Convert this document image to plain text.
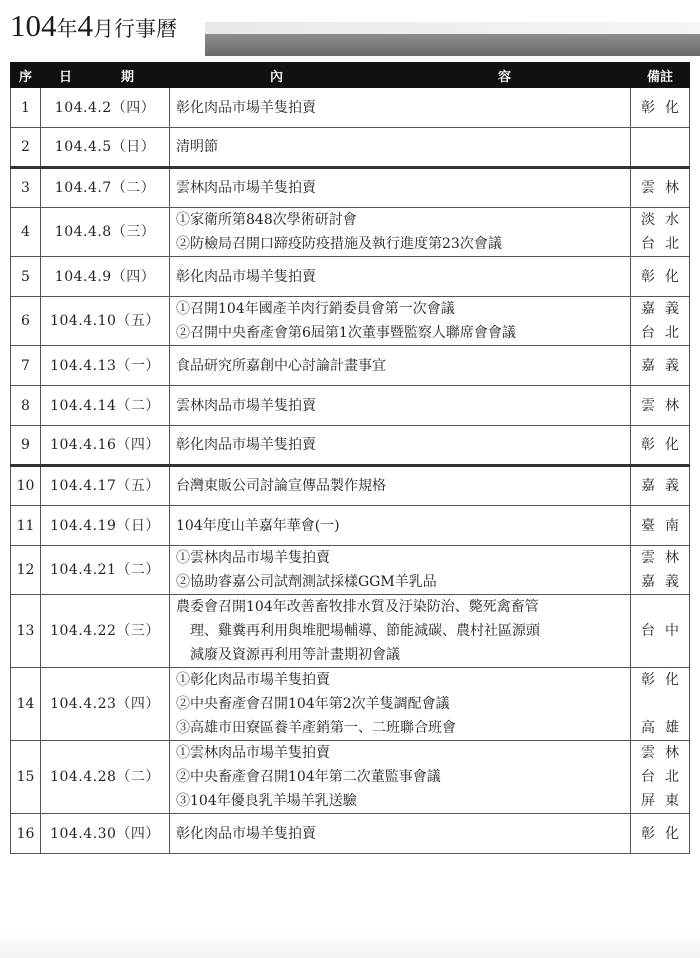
104 年 4 月行事曆
序	日 期	內 容	備註
1	104.4.2（四）	彰化肉品市場羊隻拍賣	彰化

2	104.4.5（日）	清明節	

3	104.4.7（二）	雲林肉品市場羊隻拍賣	雲林

4	104.4.8（三）	①家衛所第848次學術研討會
②防檢局召開口蹄疫防疫措施及執行進度第23次會議	淡水
台北

5	104.4.9（四）	彰化肉品市場羊隻拍賣	彰化

6	104.4.10（五）	①召開104年國產羊肉行銷委員會第一次會議
②召開中央畜產會第6屆第1次董事暨監察人聯席會會議	嘉義
台北

7	104.4.13（一）	食品研究所嘉創中心討論計畫事宜	嘉義

8	104.4.14（二）	雲林肉品市場羊隻拍賣	雲林

9	104.4.16（四）	彰化肉品市場羊隻拍賣	彰化

10	104.4.17（五）	台灣東販公司討論宣傳品製作規格	嘉義

11	104.4.19（日）	104年度山羊嘉年華會(一)	臺南

12	104.4.21（二）	①雲林肉品市場羊隻拍賣
②協助睿嘉公司試劑測試採樣GGM羊乳品	雲林
嘉義

13	104.4.22（三）	農委會召開104年改善畜牧排水質及汙染防治、斃死禽畜管
理、雞糞再利用與堆肥場輔導、節能減碳、農村社區源頭
減廢及資源再利用等計畫期初會議	台中

14	104.4.23（四）	①彰化肉品市場羊隻拍賣
②中央畜產會召開104年第2次羊隻調配會議
③高雄市田寮區養羊產銷第一、二班聯合班會	彰化
高雄

15	104.4.28（二）	①雲林肉品市場羊隻拍賣
②中央畜產會召開104年第二次董監事會議
③104年優良乳羊場羊乳送驗	雲林
台北
屏東

16	104.4.30（四）	彰化肉品市場羊隻拍賣	彰化
